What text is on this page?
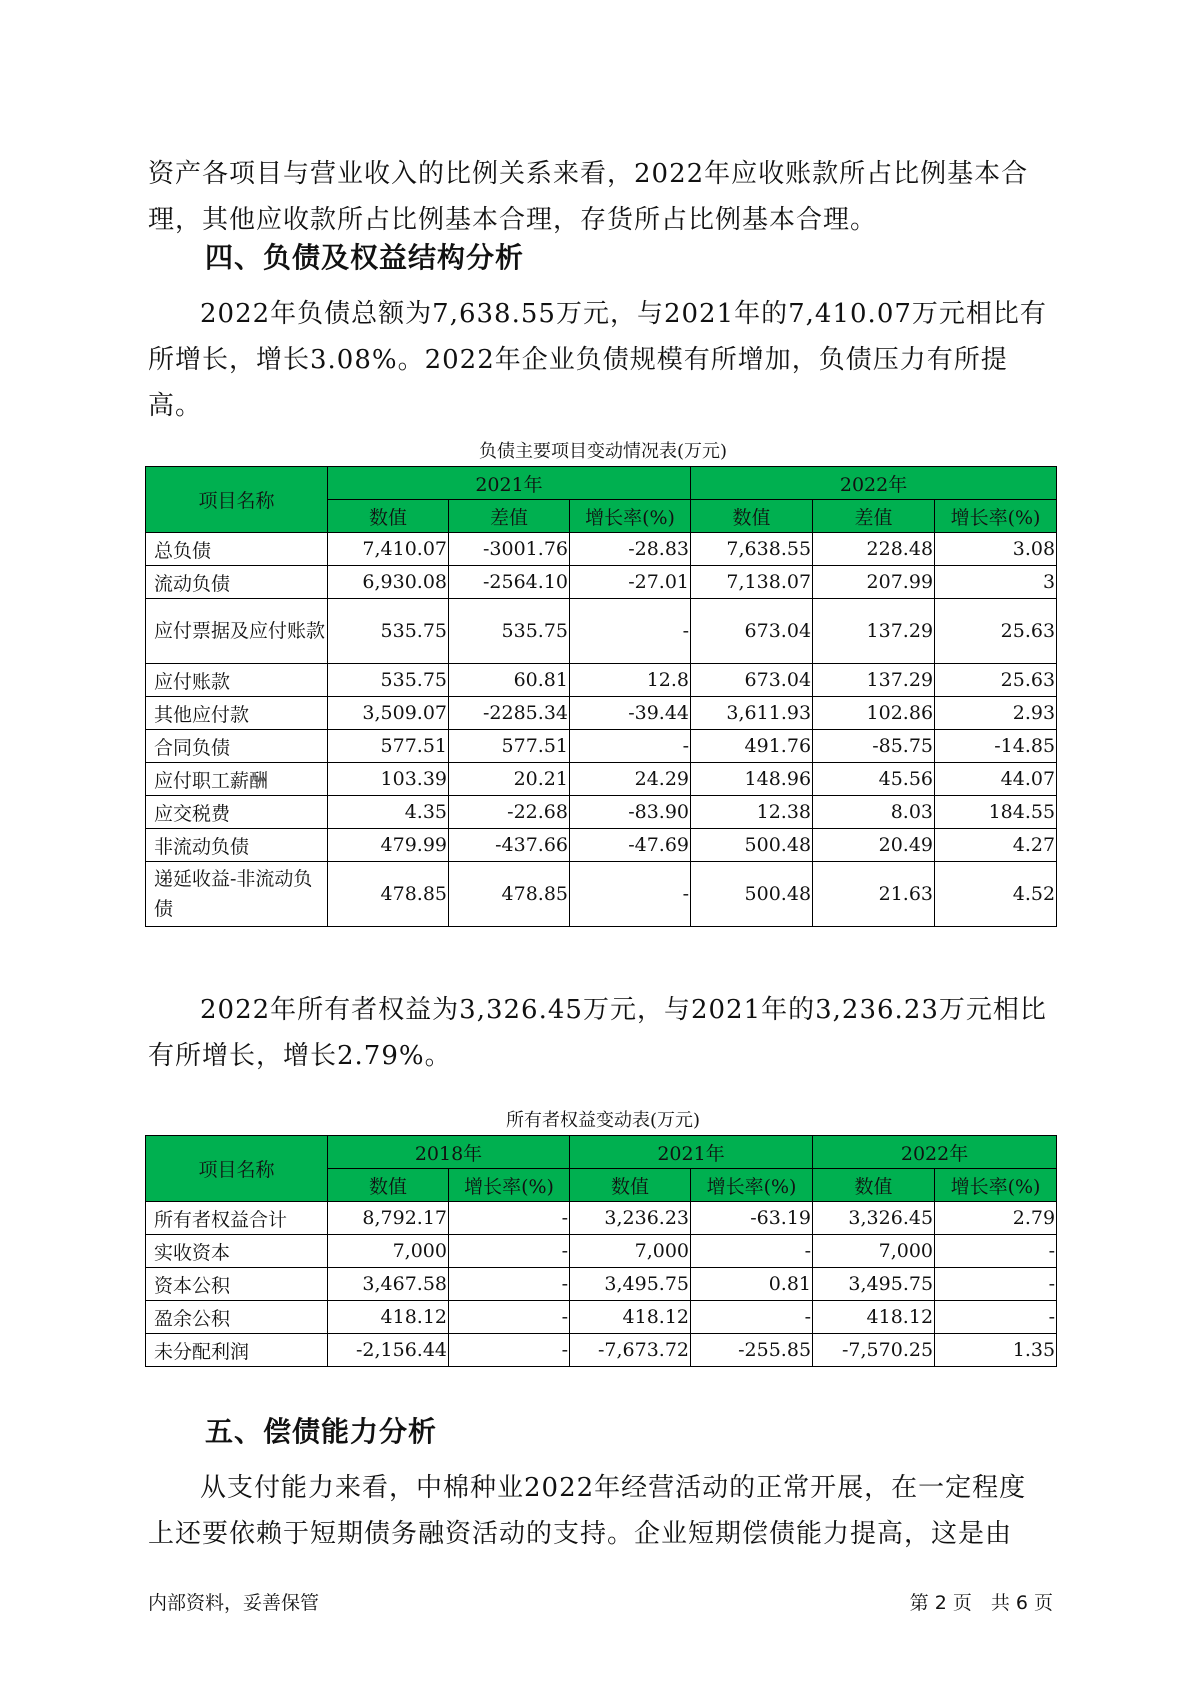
资产各项目与营业收入的比例关系来看，2022年应收账款所占比例基本合理，其他应收款所占比例基本合理，存货所占比例基本合理。

四、负债及权益结构分析

2022年负债总额为7,638.55万元，与2021年的7,410.07万元相比有所增长，增长3.08%。2022年企业负债规模有所增加，负债压力有所提高。

负债主要项目变动情况表(万元)

项目名称	2021年			2022年		
	数值	差值	增长率(%)	数值	差值	增长率(%)
总负债	7,410.07	-3001.76	-28.83	7,638.55	228.48	3.08
流动负债	6,930.08	-2564.10	-27.01	7,138.07	207.99	3
应付票据及应付账款	535.75	535.75	-	673.04	137.29	25.63
应付账款	535.75	60.81	12.8	673.04	137.29	25.63
其他应付款	3,509.07	-2285.34	-39.44	3,611.93	102.86	2.93
合同负债	577.51	577.51	-	491.76	-85.75	-14.85
应付职工薪酬	103.39	20.21	24.29	148.96	45.56	44.07
应交税费	4.35	-22.68	-83.90	12.38	8.03	184.55
非流动负债	479.99	-437.66	-47.69	500.48	20.49	4.27
递延收益-非流动负债	478.85	478.85	-	500.48	21.63	4.52

2022年所有者权益为3,326.45万元，与2021年的3,236.23万元相比有所增长，增长2.79%。

所有者权益变动表(万元)

项目名称	2018年		2021年		2022年	
	数值	增长率(%)	数值	增长率(%)	数值	增长率(%)
所有者权益合计	8,792.17	-	3,236.23	-63.19	3,326.45	2.79
实收资本	7,000	-	7,000	-	7,000	-
资本公积	3,467.58	-	3,495.75	0.81	3,495.75	-
盈余公积	418.12	-	418.12	-	418.12	-
未分配利润	-2,156.44	-	-7,673.72	-255.85	-7,570.25	1.35
五、偿债能力分析

从支付能力来看，中棉种业2022年经营活动的正常开展，在一定程度上还要依赖于短期债务融资活动的支持。企业短期偿债能力提高，这是由

内部资料，妥善保管	第 2 页　共 6 页
